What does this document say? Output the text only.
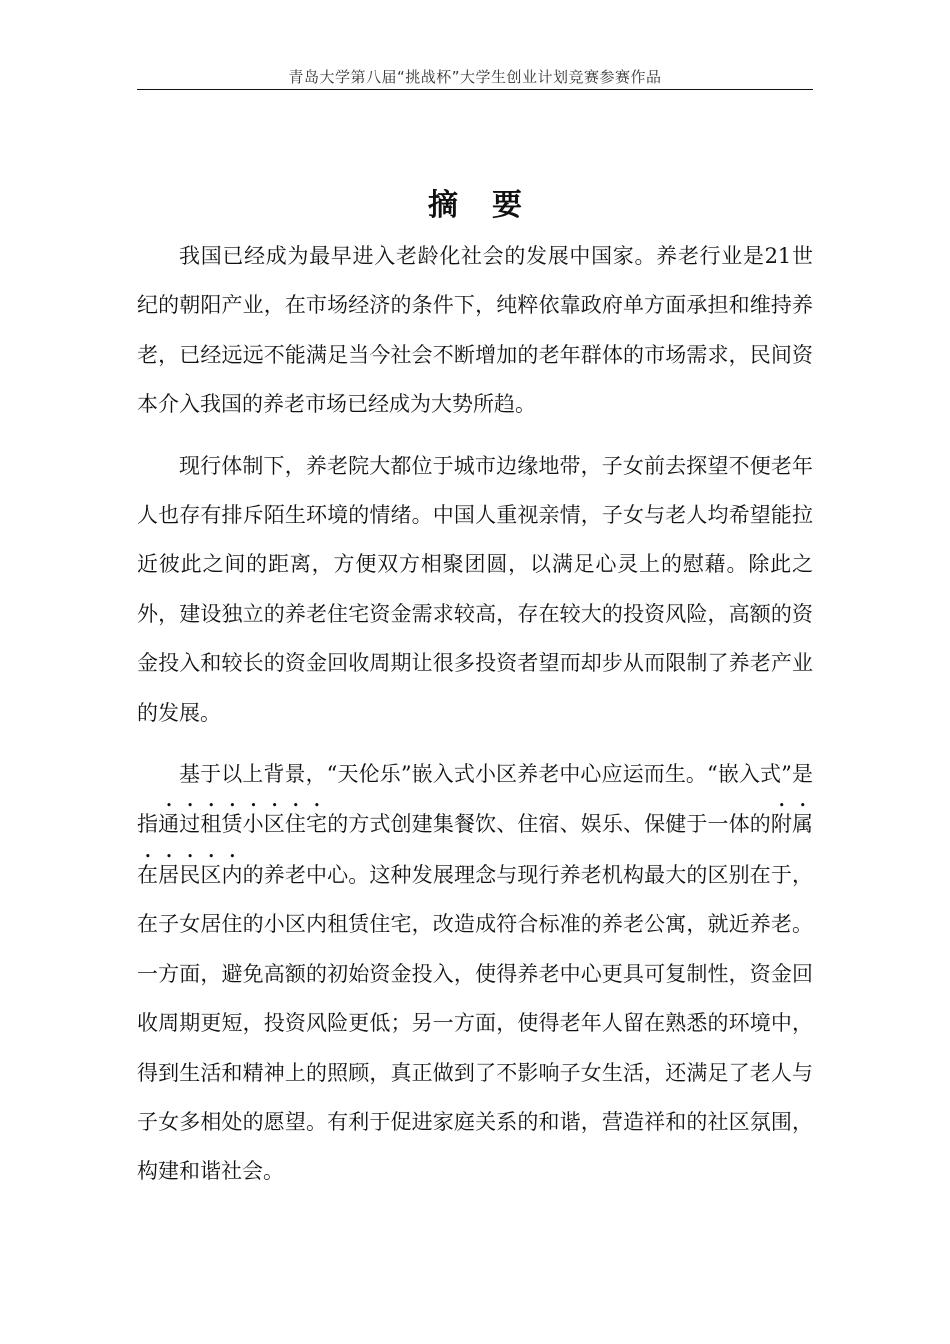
青岛大学第八届“挑战杯”大学生创业计划竞赛参赛作品
摘要

我国已经成为最早进入老龄化社会的发展中国家。养老行业是21世纪的朝阳产业，在市场经济的条件下，纯粹依靠政府单方面承担和维持养老，已经远远不能满足当今社会不断增加的老年群体的市场需求，民间资本介入我国的养老市场已经成为大势所趋。

现行体制下，养老院大都位于城市边缘地带，子女前去探望不便老年人也存有排斥陌生环境的情绪。中国人重视亲情，子女与老人均希望能拉近彼此之间的距离，方便双方相聚团圆，以满足心灵上的慰藉。除此之外，建设独立的养老住宅资金需求较高，存在较大的投资风险，高额的资金投入和较长的资金回收周期让很多投资者望而却步从而限制了养老产业的发展。

基于以上背景，“天伦乐”嵌入式小区养老中心应运而生。“嵌入式”是指通过租赁小区住宅的方式创建集餐饮、住宿、娱乐、保健于一体的附属在居民区内的养老中心。这种发展理念与现行养老机构最大的区别在于，在子女居住的小区内租赁住宅，改造成符合标准的养老公寓，就近养老。一方面，避免高额的初始资金投入，使得养老中心更具可复制性，资金回收周期更短，投资风险更低；另一方面，使得老年人留在熟悉的环境中，得到生活和精神上的照顾，真正做到了不影响子女生活，还满足了老人与子女多相处的愿望。有利于促进家庭关系的和谐，营造祥和的社区氛围，构建和谐社会。
